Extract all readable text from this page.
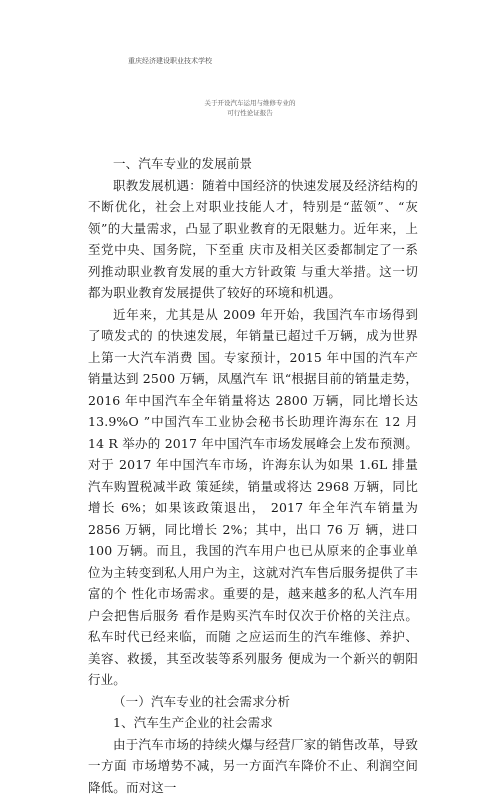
重庆经济建设职业技术学校
关于开设汽车运用与维修专业的
可行性论证报告

一、汽车专业的发展前景

职教发展机遇：随着中国经济的快速发展及经济结构的不断优化，社会上对职业技能人才，特别是“蓝领”、“灰领”的大量需求，凸显了职业教育的无限魅力。近年来，上至党中央、国务院，下至重 庆市及相关区委都制定了一系列推动职业教育发展的重大方针政策 与重大举措。这一切都为职业教育发展提供了较好的环境和机遇。

近年来，尤其是从 2009 年开始，我国汽车市场得到了喷发式的 的快速发展，年销量已超过千万辆，成为世界上第一大汽车消费 国。专家预计，2015 年中国的汽车产销量达到 2500 万辆，凤凰汽车 讯“根据目前的销量走势，2016 年中国汽车全年销量将达 2800 万辆，同比增长达 13.9%O ”中国汽车工业协会秘书长助理许海东在 12 月 14 R 举办的 2017 年中国汽车市场发展峰会上发布预测。对于 2017 年中国汽车市场，许海东认为如果 1.6L 排量汽车购置税减半政 策延续，销量或将达 2968 万辆，同比增长 6%；如果该政策退出， 2017 年全年汽车销量为 2856 万辆，同比增长 2%；其中，出口 76 万 辆，进口 100 万辆。而且，我国的汽车用户也已从原来的企事业单 位为主转变到私人用户为主，这就对汽车售后服务提供了丰富的个 性化市场需求。重要的是，越来越多的私人汽车用户会把售后服务 看作是购买汽车时仅次于价格的关注点。私车时代已经来临，而随 之应运而生的汽车维修、养护、美容、救援，其至改装等系列服务 便成为一个新兴的朝阳行业。

（一）汽车专业的社会需求分析

1、汽车生产企业的社会需求

由于汽车市场的持续火爆与经营厂家的销售改革，导致一方面 市场增势不减，另一方面汽车降价不止、利润空间降低。而对这一
